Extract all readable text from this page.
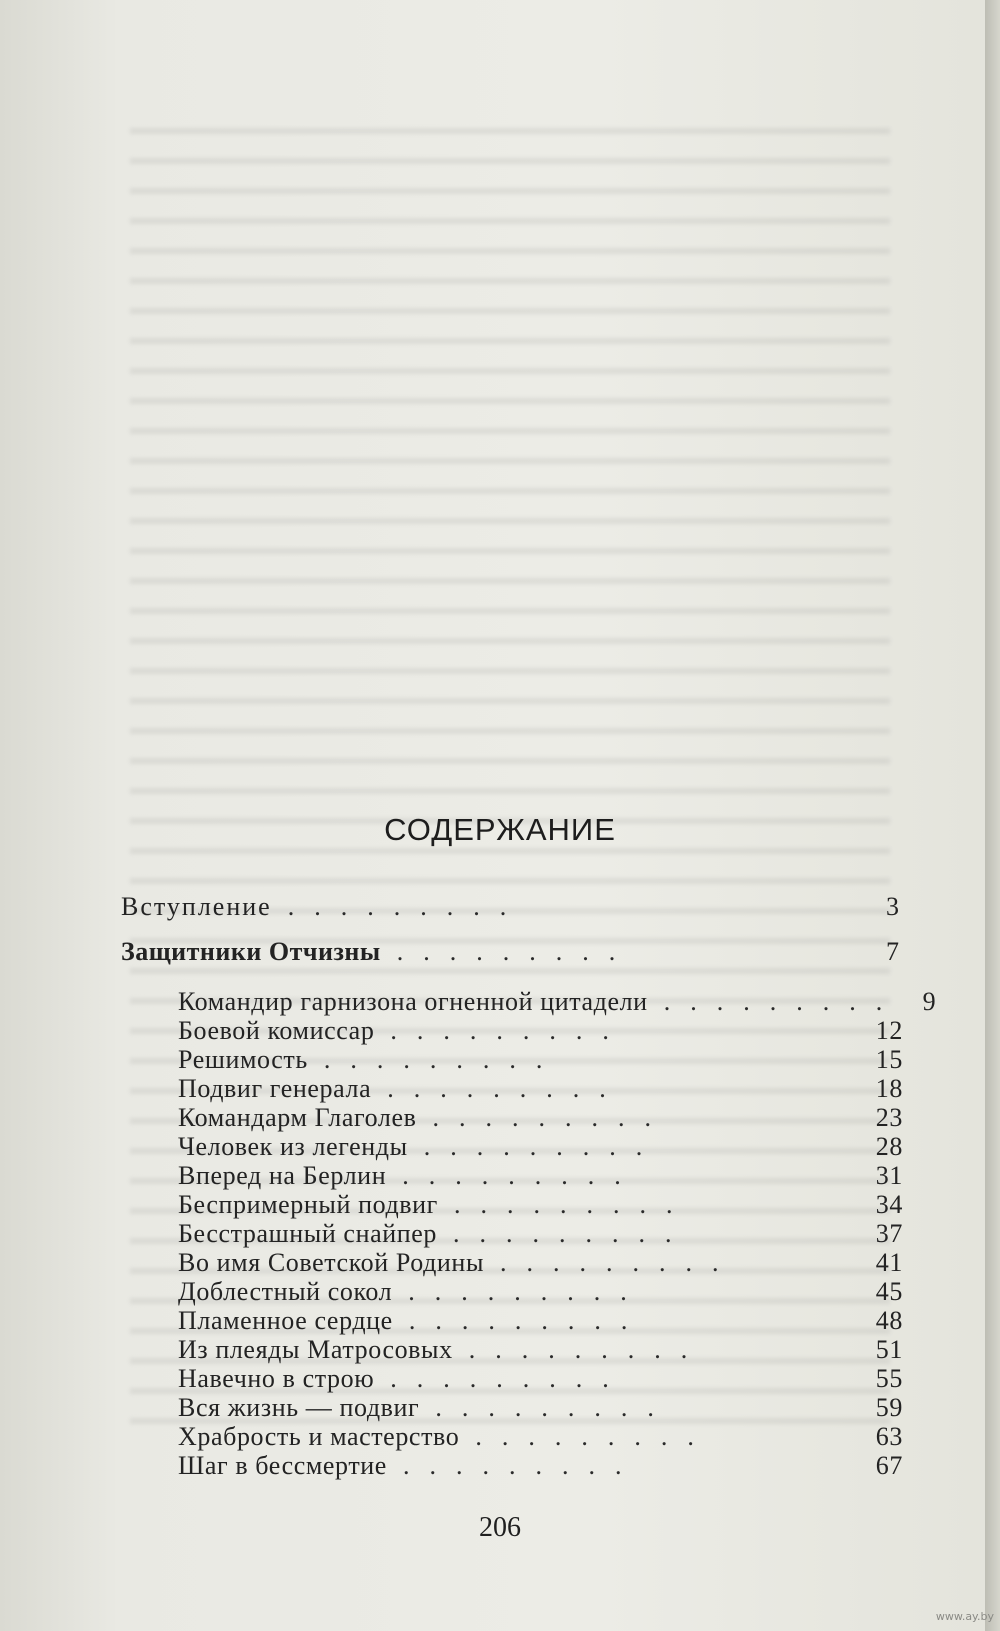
СОДЕРЖАНИЕ
Вступление .........	3
Защитники Отчизны .........	7
Командир гарнизона огненной цитадели ......... 9
Боевой комиссар .........	12
Решимость .........	15
Подвиг генерала .........	18
Командарм Глаголев .........	23
Человек из легенды .........	28
Вперед на Берлин .........	31
Беспримерный подвиг .........	34
Бесстрашный снайпер .........	37
Во имя Советской Родины .........	41
Доблестный сокол .........	45
Пламенное сердце .........	48
Из плеяды Матросовых .........	51
Навечно в строю .........	55
Вся жизнь — подвиг .........	59
Храбрость и мастерство .........	63
Шаг в бессмертие .........	67
206
www.ay.by
